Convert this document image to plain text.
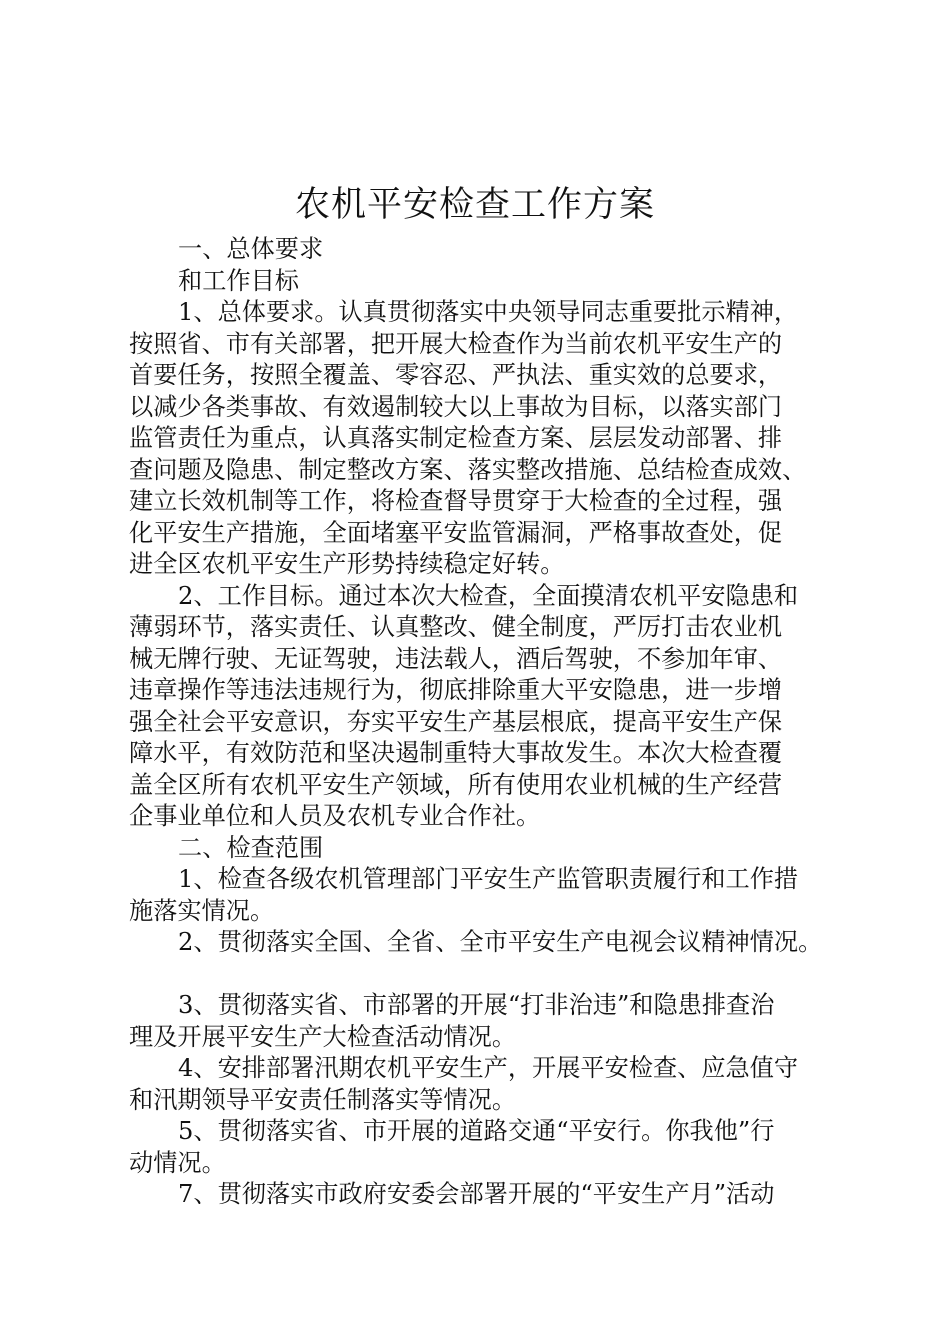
农机平安检查工作方案
一、总体要求
和工作目标
1、总体要求。认真贯彻落实中央领导同志重要批示精神，
按照省、市有关部署，把开展大检查作为当前农机平安生产的
首要任务，按照全覆盖、零容忍、严执法、重实效的总要求，
以减少各类事故、有效遏制较大以上事故为目标，以落实部门
监管责任为重点，认真落实制定检查方案、层层发动部署、排
查问题及隐患、制定整改方案、落实整改措施、总结检查成效、
建立长效机制等工作，将检查督导贯穿于大检查的全过程，强
化平安生产措施，全面堵塞平安监管漏洞，严格事故查处，促
进全区农机平安生产形势持续稳定好转。
2、工作目标。通过本次大检查，全面摸清农机平安隐患和
薄弱环节，落实责任、认真整改、健全制度，严厉打击农业机
械无牌行驶、无证驾驶，违法载人，酒后驾驶，不参加年审、
违章操作等违法违规行为，彻底排除重大平安隐患，进一步增
强全社会平安意识，夯实平安生产基层根底，提高平安生产保
障水平，有效防范和坚决遏制重特大事故发生。本次大检查覆
盖全区所有农机平安生产领域，所有使用农业机械的生产经营
企事业单位和人员及农机专业合作社。
二、检查范围
1、检查各级农机管理部门平安生产监管职责履行和工作措
施落实情况。
2、贯彻落实全国、全省、全市平安生产电视会议精神情况。
3、贯彻落实省、市部署的开展“打非治违”和隐患排查治
理及开展平安生产大检查活动情况。
4、安排部署汛期农机平安生产，开展平安检查、应急值守
和汛期领导平安责任制落实等情况。
5、贯彻落实省、市开展的道路交通“平安行。你我他”行
动情况。
7、贯彻落实市政府安委会部署开展的“平安生产月”活动
